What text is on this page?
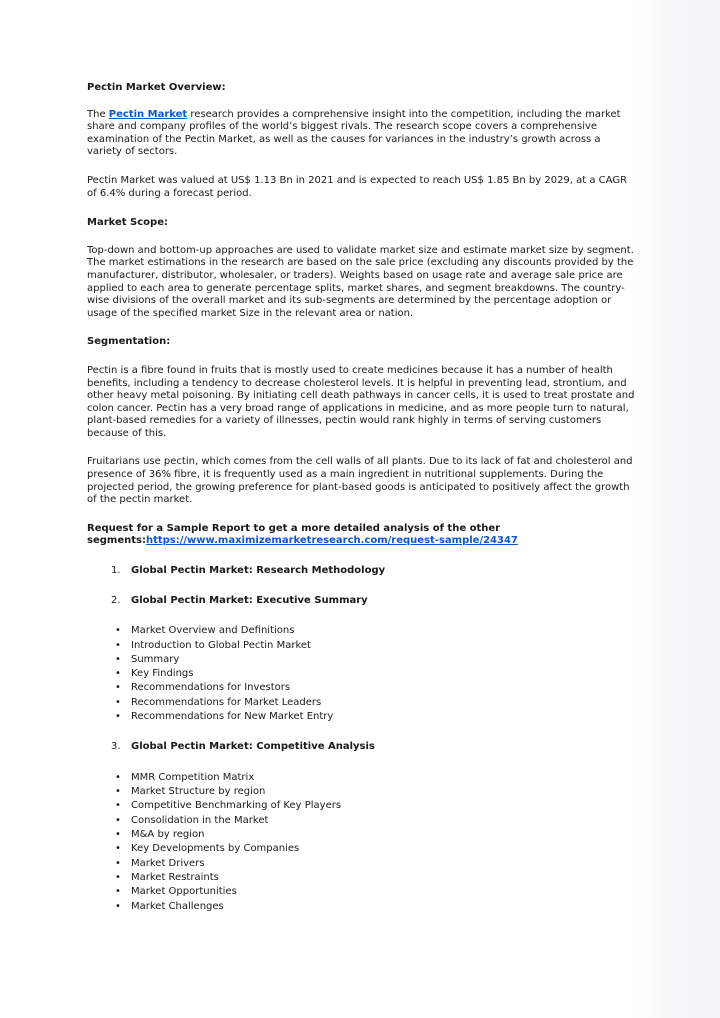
Pectin Market Overview:

The Pectin Market research provides a comprehensive insight into the competition, including the market share and company profiles of the world’s biggest rivals. The research scope covers a comprehensive examination of the Pectin Market, as well as the causes for variances in the industry’s growth across a variety of sectors.

Pectin Market was valued at US$ 1.13 Bn in 2021 and is expected to reach US$ 1.85 Bn by 2029, at a CAGR of 6.4% during a forecast period.

Market Scope:

Top-down and bottom-up approaches are used to validate market size and estimate market size by segment. The market estimations in the research are based on the sale price (excluding any discounts provided by the manufacturer, distributor, wholesaler, or traders). Weights based on usage rate and average sale price are applied to each area to generate percentage splits, market shares, and segment breakdowns. The country-wise divisions of the overall market and its sub-segments are determined by the percentage adoption or usage of the specified market Size in the relevant area or nation.

Segmentation:

Pectin is a fibre found in fruits that is mostly used to create medicines because it has a number of health benefits, including a tendency to decrease cholesterol levels. It is helpful in preventing lead, strontium, and other heavy metal poisoning. By initiating cell death pathways in cancer cells, it is used to treat prostate and colon cancer. Pectin has a very broad range of applications in medicine, and as more people turn to natural, plant-based remedies for a variety of illnesses, pectin would rank highly in terms of serving customers because of this.

Fruitarians use pectin, which comes from the cell walls of all plants. Due to its lack of fat and cholesterol and presence of 36% fibre, it is frequently used as a main ingredient in nutritional supplements. During the projected period, the growing preference for plant-based goods is anticipated to positively affect the growth of the pectin market.

Request for a Sample Report to get a more detailed analysis of the other segments:https://www.maximizemarketresearch.com/request-sample/24347

1. Global Pectin Market: Research Methodology
2. Global Pectin Market: Executive Summary
• Market Overview and Definitions
• Introduction to Global Pectin Market
• Summary
• Key Findings
• Recommendations for Investors
• Recommendations for Market Leaders
• Recommendations for New Market Entry
3. Global Pectin Market: Competitive Analysis
• MMR Competition Matrix
• Market Structure by region
• Competitive Benchmarking of Key Players
• Consolidation in the Market
• M&A by region
• Key Developments by Companies
• Market Drivers
• Market Restraints
• Market Opportunities
• Market Challenges
